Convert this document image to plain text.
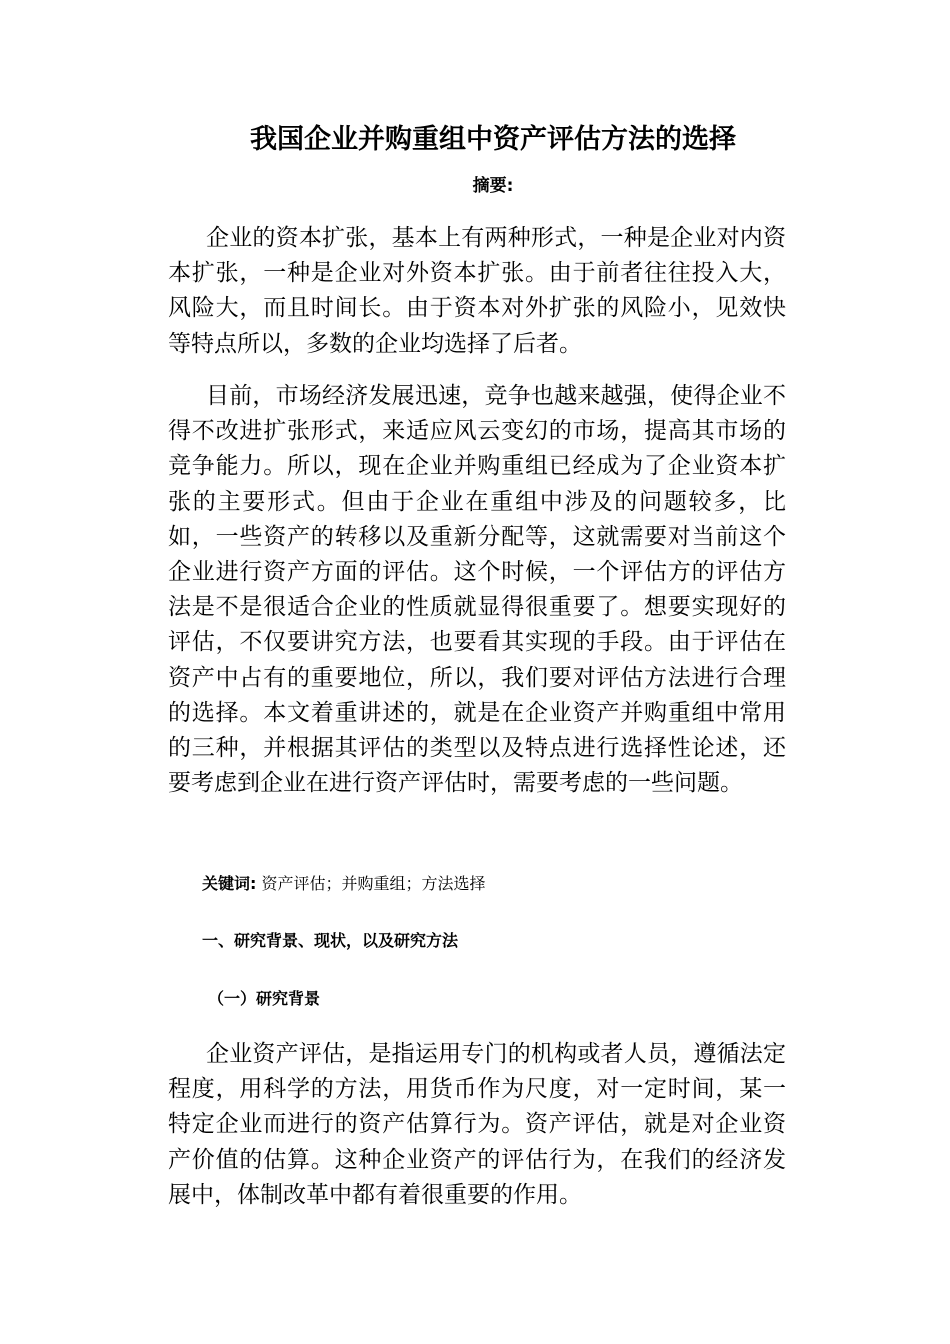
我国企业并购重组中资产评估方法的选择
摘要:

企业的资本扩张，基本上有两种形式，一种是企业对内资本扩张，一种是企业对外资本扩张。由于前者往往投入大，风险大，而且时间长。由于资本对外扩张的风险小，见效快等特点所以，多数的企业均选择了后者。

目前，市场经济发展迅速，竞争也越来越强，使得企业不得不改进扩张形式，来适应风云变幻的市场，提高其市场的竞争能力。所以，现在企业并购重组已经成为了企业资本扩张的主要形式。但由于企业在重组中涉及的问题较多，比如，一些资产的转移以及重新分配等，这就需要对当前这个企业进行资产方面的评估。这个时候，一个评估方的评估方法是不是很适合企业的性质就显得很重要了。想要实现好的评估，不仅要讲究方法，也要看其实现的手段。由于评估在资产中占有的重要地位，所以，我们要对评估方法进行合理的选择。本文着重讲述的，就是在企业资产并购重组中常用的三种，并根据其评估的类型以及特点进行选择性论述，还要考虑到企业在进行资产评估时，需要考虑的一些问题。

关键词: 资产评估；并购重组；方法选择
一、研究背景、现状，以及研究方法
（一）研究背景

企业资产评估，是指运用专门的机构或者人员，遵循法定程度，用科学的方法，用货币作为尺度，对一定时间，某一特定企业而进行的资产估算行为。资产评估，就是对企业资产价值的估算。这种企业资产的评估行为，在我们的经济发展中，体制改革中都有着很重要的作用。
